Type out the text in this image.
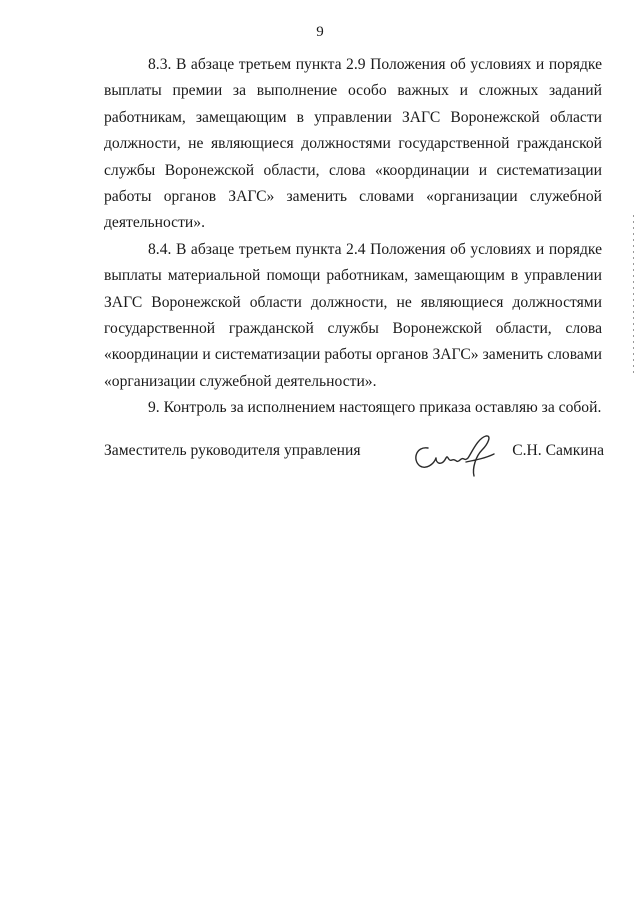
9

8.3. В абзаце третьем пункта 2.9 Положения об условиях и порядке выплаты премии за выполнение особо важных и сложных заданий работникам, замещающим в управлении ЗАГС Воронежской области должности, не являющиеся должностями государственной гражданской службы Воронежской области, слова «координации и систематизации работы органов ЗАГС» заменить словами «организации служебной деятельности».

8.4. В абзаце третьем пункта 2.4 Положения об условиях и порядке выплаты материальной помощи работникам, замещающим в управлении ЗАГС Воронежской области должности, не являющиеся должностями государственной гражданской службы Воронежской области, слова «координации и систематизации работы органов ЗАГС» заменить словами «организации служебной деятельности».

9. Контроль за исполнением настоящего приказа оставляю за собой.

Заместитель руководителя управления	С.Н. Самкина
